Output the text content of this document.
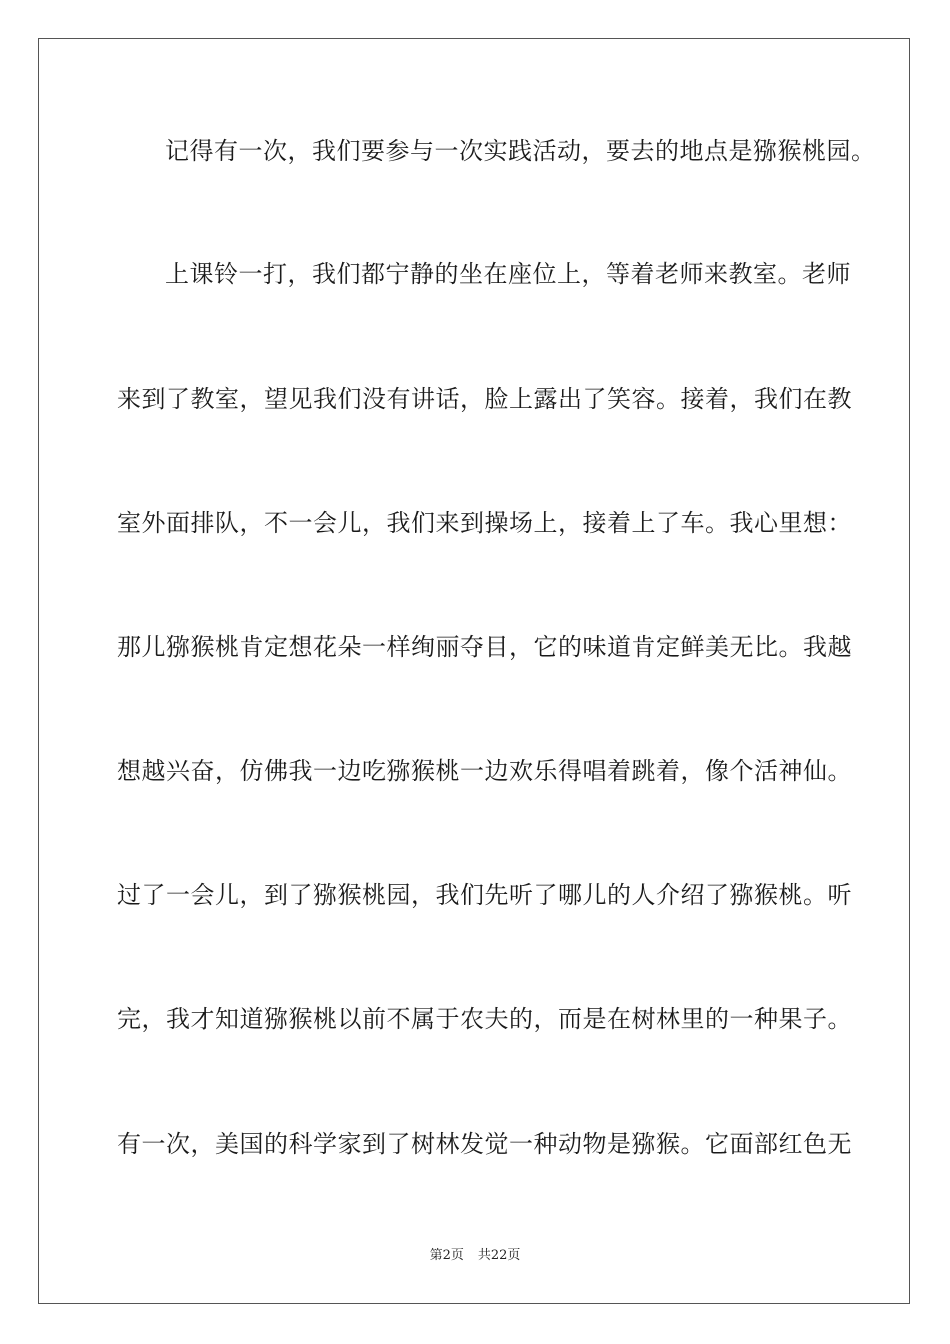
记得有一次，我们要参与一次实践活动，要去的地点是猕猴桃园。
上课铃一打，我们都宁静的坐在座位上，等着老师来教室。老师
来到了教室，望见我们没有讲话，脸上露出了笑容。接着，我们在教
室外面排队，不一会儿，我们来到操场上，接着上了车。我心里想：
那儿猕猴桃肯定想花朵一样绚丽夺目，它的味道肯定鲜美无比。我越
想越兴奋，仿佛我一边吃猕猴桃一边欢乐得唱着跳着，像个活神仙。
过了一会儿，到了猕猴桃园，我们先听了哪儿的人介绍了猕猴桃。听
完，我才知道猕猴桃以前不属于农夫的，而是在树林里的一种果子。
有一次，美国的科学家到了树林发觉一种动物是猕猴。它面部红色无
第2页 共22页
